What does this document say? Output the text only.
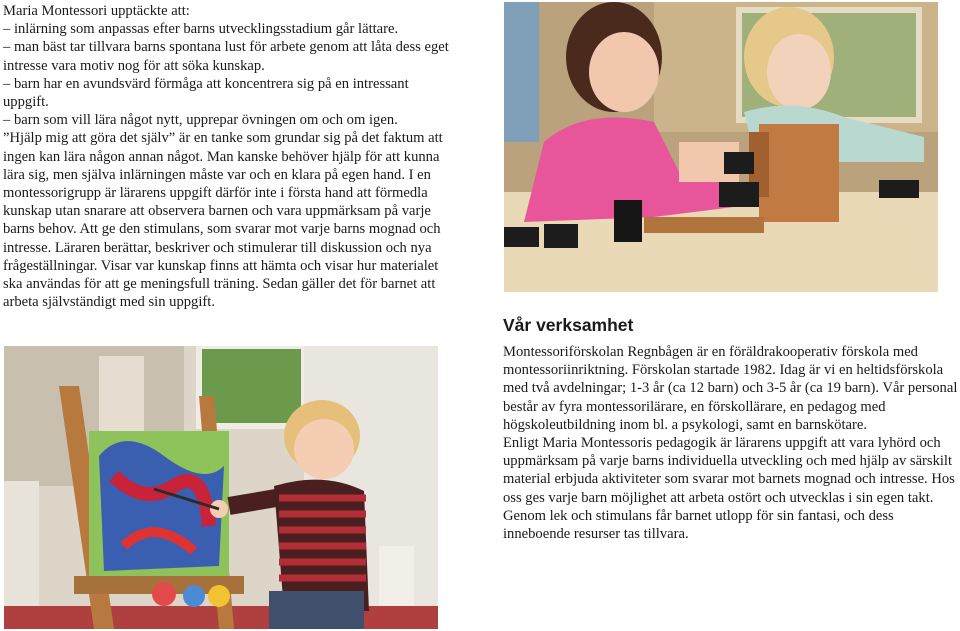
Maria Montessori upptäckte att:

– inlärning som anpassas efter barns utvecklingsstadium går lättare.

– man bäst tar tillvara barns spontana lust för arbete genom att låta dess eget intresse vara motiv nog för att söka kunskap.

– barn har en avundsvärd förmåga att koncentrera sig på en intressant uppgift.

– barn som vill lära något nytt, upprepar övningen om och om igen.

”Hjälp mig att göra det själv” är en tanke som grundar sig på det faktum att ingen kan lära någon annan något. Man kanske behöver hjälp för att kunna lära sig, men själva inlärningen måste var och en klara på egen hand. I en montessorigrupp är lärarens uppgift därför inte i första hand att förmedla kunskap utan snarare att observera barnen och vara uppmärksam på varje barns behov. Att ge den stimulans, som svarar mot varje barns mognad och intresse. Läraren berättar, beskriver och stimulerar till diskussion och nya frågeställningar. Visar var kunskap finns att hämta och visar hur materialet ska användas för att ge meningsfull träning. Sedan gäller det för barnet att arbeta självständigt med sin uppgift.

Vår verksamhet

Montessoriförskolan Regnbågen är en föräldrakooperativ förskola med montessoriinriktning. Förskolan startade 1982. Idag är vi en heltidsförskola med två avdelningar; 1-3 år (ca 12 barn) och 3-5 år (ca 19 barn). Vår personal består av fyra montessorilärare, en förskollärare, en pedagog med högskoleutbildning inom bl. a psykologi, samt en barnskötare.

Enligt Maria Montessoris pedagogik är lärarens uppgift att vara lyhörd och uppmärksam på varje barns individuella utveckling och med hjälp av särskilt material erbjuda aktiviteter som svarar mot barnets mognad och intresse. Hos oss ges varje barn möjlighet att arbeta ostört och utvecklas i sin egen takt. Genom lek och stimulans får barnet utlopp för sin fantasi, och dess inneboende resurser tas tillvara.
